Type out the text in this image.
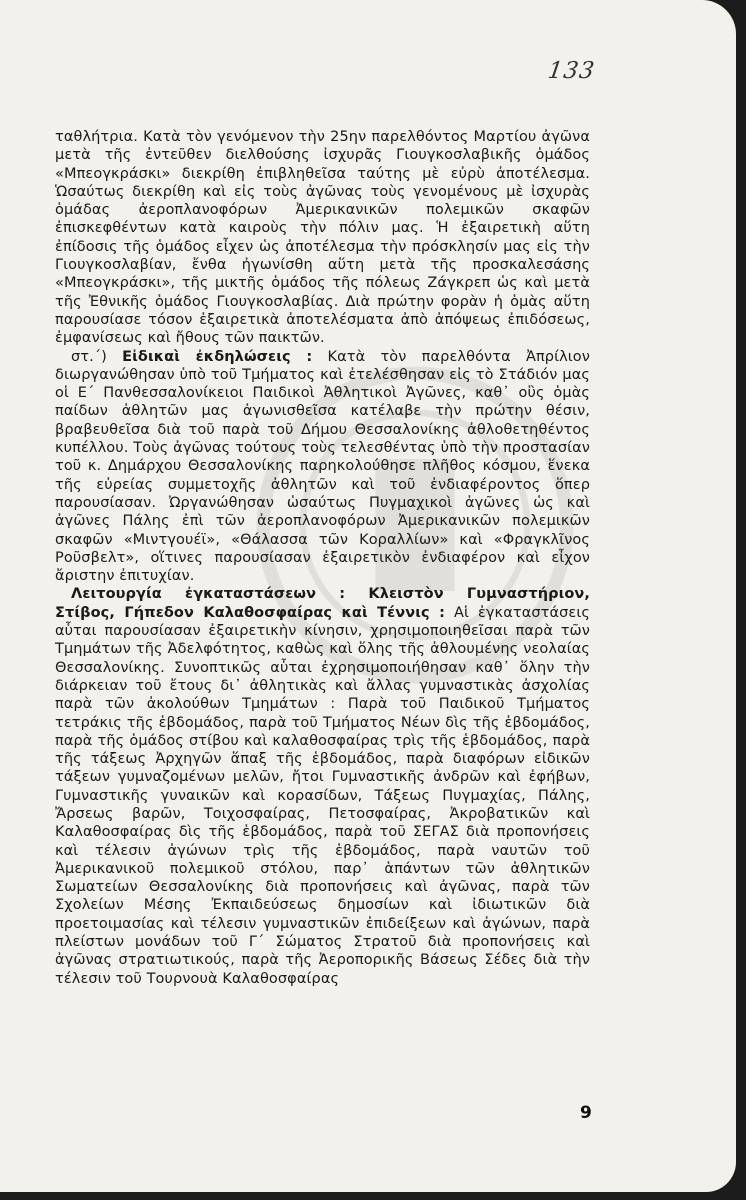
133

ταθλήτρια. Κατὰ τὸν γενόμενον τὴν 25ην παρελθόντος Μαρτίου ἀγῶνα μετὰ τῆς ἐντεῦθεν διελθούσης ἰσχυρᾶς Γιουγκοσλαβικῆς ὁμάδος «Μπεογκράσκι» διεκρίθη ἐπιβληθεῖσα ταύτης μὲ εὐρὺ ἀποτέλεσμα. Ὡσαύτως διεκρίθη καὶ εἰς τοὺς ἀγῶνας τοὺς γενομένους μὲ ἰσχυρὰς ὁμάδας ἀεροπλανοφόρων Ἀμερικανικῶν πολεμικῶν σκαφῶν ἐπισκεφθέντων κατὰ καιροὺς τὴν πόλιν μας. Ἡ ἐξαιρετικὴ αὕτη ἐπίδοσις τῆς ὁμάδος εἶχεν ὡς ἀποτέλεσμα τὴν πρόσκλησίν μας εἰς τὴν Γιουγκοσλαβίαν, ἔνθα ἠγωνίσθη αὕτη μετὰ τῆς προσκαλεσάσης «Μπεογκράσκι», τῆς μικτῆς ὁμάδος τῆς πόλεως Ζάγκρεπ ὡς καὶ μετὰ τῆς Ἐθνικῆς ὁμάδος Γιουγκοσλαβίας. Διὰ πρώτην φορὰν ἡ ὁμὰς αὕτη παρουσίασε τόσον ἐξαιρετικὰ ἀποτελέσματα ἀπὸ ἀπόψεως ἐπιδόσεως, ἐμφανίσεως καὶ ἤθους τῶν παικτῶν.

στ.΄) Εἰδικαὶ ἐκδηλώσεις : Κατὰ τὸν παρελθόντα Ἀπρίλιον διωργανώθησαν ὑπὸ τοῦ Τμήματος καὶ ἐτελέσθησαν εἰς τὸ Στάδιόν μας οἱ Ε΄ Πανθεσσαλονίκειοι Παιδικοὶ Ἀθλητικοὶ Ἀγῶνες, καθ᾽ οὓς ὁμὰς παίδων ἀθλητῶν μας ἀγωνισθεῖσα κατέλαβε τὴν πρώτην θέσιν, βραβευθεῖσα διὰ τοῦ παρὰ τοῦ Δήμου Θεσσαλονίκης ἀθλοθετηθέντος κυπέλλου. Τοὺς ἀγῶνας τούτους τοὺς τελεσθέντας ὑπὸ τὴν προστασίαν τοῦ κ. Δημάρχου Θεσσαλονίκης παρηκολούθησε πλῆθος κόσμου, ἕνεκα τῆς εὐρείας συμμετοχῆς ἀθλητῶν καὶ τοῦ ἐνδιαφέροντος ὅπερ παρουσίασαν. Ὠργανώθησαν ὡσαύτως Πυγμαχικοὶ ἀγῶνες ὡς καὶ ἀγῶνες Πάλης ἐπὶ τῶν ἀεροπλανοφόρων Ἀμερικανικῶν πολεμικῶν σκαφῶν «Μιντγουέϊ», «Θάλασσα τῶν Κοραλλίων» καὶ «Φραγκλῖνος Ροῦσβελτ», οἵτινες παρουσίασαν ἐξαιρετικὸν ἐνδιαφέρον καὶ εἶχον ἄριστην ἐπιτυχίαν.

Λειτουργία ἐγκαταστάσεων : Κλειστὸν Γυμναστήριον,
Στίβος, Γήπεδον Καλαθοσφαίρας καὶ Τέννις : Αἱ ἐγκαταστάσεις αὗται παρουσίασαν ἐξαιρετικὴν κίνησιν, χρησιμοποιηθεῖσαι παρὰ τῶν Τμημάτων τῆς Ἀδελφότητος, καθὼς καὶ ὅλης τῆς ἀθλουμένης νεολαίας Θεσσαλονίκης. Συνοπτικῶς αὗται ἐχρησιμοποιήθησαν καθ᾽ ὅλην τὴν διάρκειαν τοῦ ἔτους δι᾽ ἀθλητικὰς καὶ ἄλλας γυμναστικὰς ἀσχολίας παρὰ τῶν ἀκολούθων Τμημάτων : Παρὰ τοῦ Παιδικοῦ Τμήματος τετράκις τῆς ἑβδομάδος, παρὰ τοῦ Τμήματος Νέων δὶς τῆς ἑβδομάδος, παρὰ τῆς ὁμάδος στίβου καὶ καλαθοσφαίρας τρὶς τῆς ἑβδομάδος, παρὰ τῆς τάξεως Ἀρχηγῶν ἅπαξ τῆς ἑβδομάδος, παρὰ διαφόρων εἰδικῶν τάξεων γυμναζομένων μελῶν, ἤτοι Γυμναστικῆς ἀνδρῶν καὶ ἐφήβων, Γυμναστικῆς γυναικῶν καὶ κορασίδων, Τάξεως Πυγμαχίας, Πάλης, Ἄρσεως βαρῶν, Τοιχοσφαίρας, Πετοσφαίρας, Ἀκροβατικῶν καὶ Καλαθοσφαίρας δὶς τῆς ἑβδομάδος, παρὰ τοῦ ΣΕΓΑΣ διὰ προπονήσεις καὶ τέλεσιν ἀγώνων τρὶς τῆς ἑβδομάδος, παρὰ ναυτῶν τοῦ Ἀμερικανικοῦ πολεμικοῦ στόλου, παρ᾽ ἁπάντων τῶν ἀθλητικῶν Σωματείων Θεσσαλονίκης διὰ προπονήσεις καὶ ἀγῶνας, παρὰ τῶν Σχολείων Μέσης Ἐκπαιδεύσεως δημοσίων καὶ ἰδιωτικῶν διὰ προετοιμασίας καὶ τέλεσιν γυμναστικῶν ἐπιδείξεων καὶ ἀγώνων, παρὰ πλείστων μονάδων τοῦ Γ΄ Σώματος Στρατοῦ διὰ προπονήσεις καὶ ἀγῶνας στρατιωτικούς, παρὰ τῆς Ἀεροπορικῆς Βάσεως Σέδες διὰ τὴν τέλεσιν τοῦ Τουρνουὰ Καλαθοσφαίρας

9
